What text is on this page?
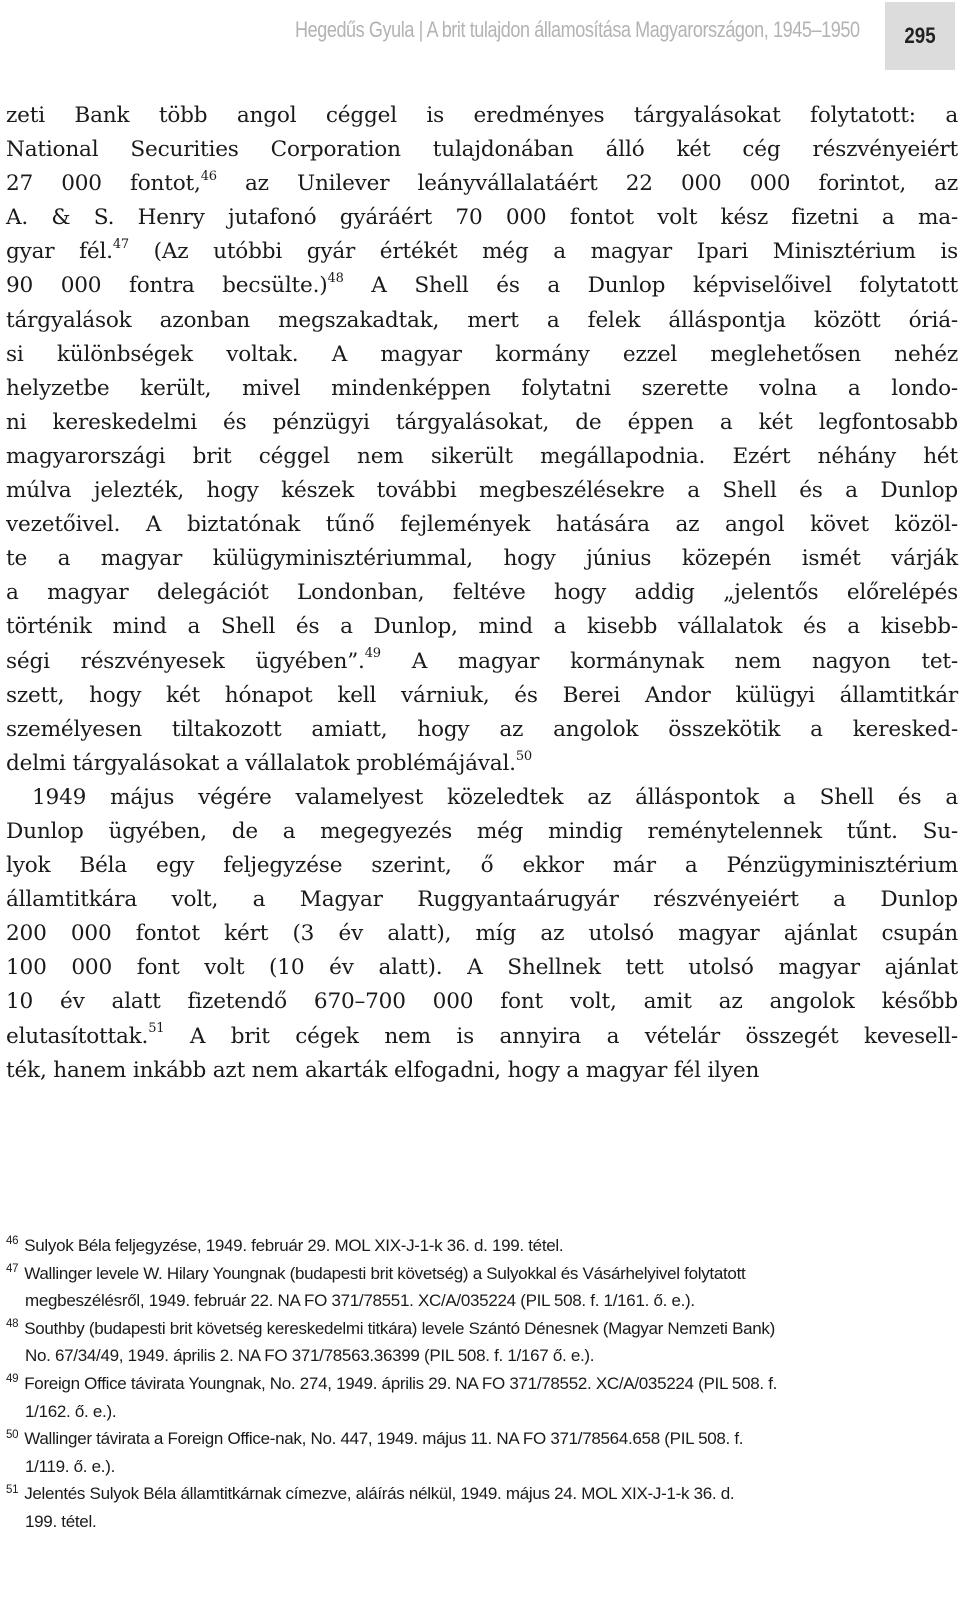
Hegedűs Gyula | A brit tulajdon államosítása Magyarországon, 1945–1950	295

zeti Bank több angol céggel is eredményes tárgyalásokat folytatott: a

National Securities Corporation tulajdonában álló két cég részvényeiért

27 000 fontot,$^{46}$ az Unilever leányvállalatáért 22 000 000 forintot, az

A. & S. Henry jutafonó gyáráért 70 000 fontot volt kész fizetni a ma-

gyar fél.$^{47}$ (Az utóbbi gyár értékét még a magyar Ipari Minisztérium is

90 000 fontra becsülte.)$^{48}$ A Shell és a Dunlop képviselőivel folytatott

tárgyalások azonban megszakadtak, mert a felek álláspontja között óriá-

si különbségek voltak. A magyar kormány ezzel meglehetősen nehéz

helyzetbe került, mivel mindenképpen folytatni szerette volna a londo-

ni kereskedelmi és pénzügyi tárgyalásokat, de éppen a két legfontosabb

magyarországi brit céggel nem sikerült megállapodnia. Ezért néhány hét

múlva jelezték, hogy készek további megbeszélésekre a Shell és a Dunlop

vezetőivel. A biztatónak tűnő fejlemények hatására az angol követ közöl-

te a magyar külügyminisztériummal, hogy június közepén ismét várják

a magyar delegációt Londonban, feltéve hogy addig „jelentős előrelépés

történik mind a Shell és a Dunlop, mind a kisebb vállalatok és a kisebb-

ségi részvényesek ügyében”.$^{49}$ A magyar kormánynak nem nagyon tet-

szett, hogy két hónapot kell várniuk, és Berei Andor külügyi államtitkár

személyesen tiltakozott amiatt, hogy az angolok összekötik a keresked-

delmi tárgyalásokat a vállalatok problémájával.$^{50}$

1949 május végére valamelyest közeledtek az álláspontok a Shell és a

Dunlop ügyében, de a megegyezés még mindig reménytelennek tűnt. Su-

lyok Béla egy feljegyzése szerint, ő ekkor már a Pénzügyminisztérium

államtitkára volt, a Magyar Ruggyantaárugyár részvényeiért a Dunlop

200 000 fontot kért (3 év alatt), míg az utolsó magyar ajánlat csupán

100 000 font volt (10 év alatt). A Shellnek tett utolsó magyar ajánlat

10 év alatt fizetendő 670–700 000 font volt, amit az angolok később

elutasítottak.$^{51}$ A brit cégek nem is annyira a vételár összegét kevesell-

ték, hanem inkább azt nem akarták elfogadni, hogy a magyar fél ilyen

$^{46}$ Sulyok Béla feljegyzése, 1949. február 29. MOL XIX-J-1-k 36. d. 199. tétel.
$^{47}$ Wallinger levele W. Hilary Youngnak (budapesti brit követség) a Sulyokkal és Vásárhelyivel folytatott
megbeszélésről, 1949. február 22. NA FO 371/78551. XC/A/035224 (PIL 508. f. 1/161. ő. e.).
$^{48}$ Southby (budapesti brit követség kereskedelmi titkára) levele Szántó Dénesnek (Magyar Nemzeti Bank)
No. 67/34/49, 1949. április 2. NA FO 371/78563.36399 (PIL 508. f. 1/167 ő. e.).
$^{49}$ Foreign Office távirata Youngnak, No. 274, 1949. április 29. NA FO 371/78552. XC/A/035224 (PIL 508. f.
1/162. ő. e.).
$^{50}$ Wallinger távirata a Foreign Office-nak, No. 447, 1949. május 11. NA FO 371/78564.658 (PIL 508. f.
1/119. ő. e.).
$^{51}$ Jelentés Sulyok Béla államtitkárnak címezve, aláírás nélkül, 1949. május 24. MOL XIX-J-1-k 36. d.
199. tétel.
